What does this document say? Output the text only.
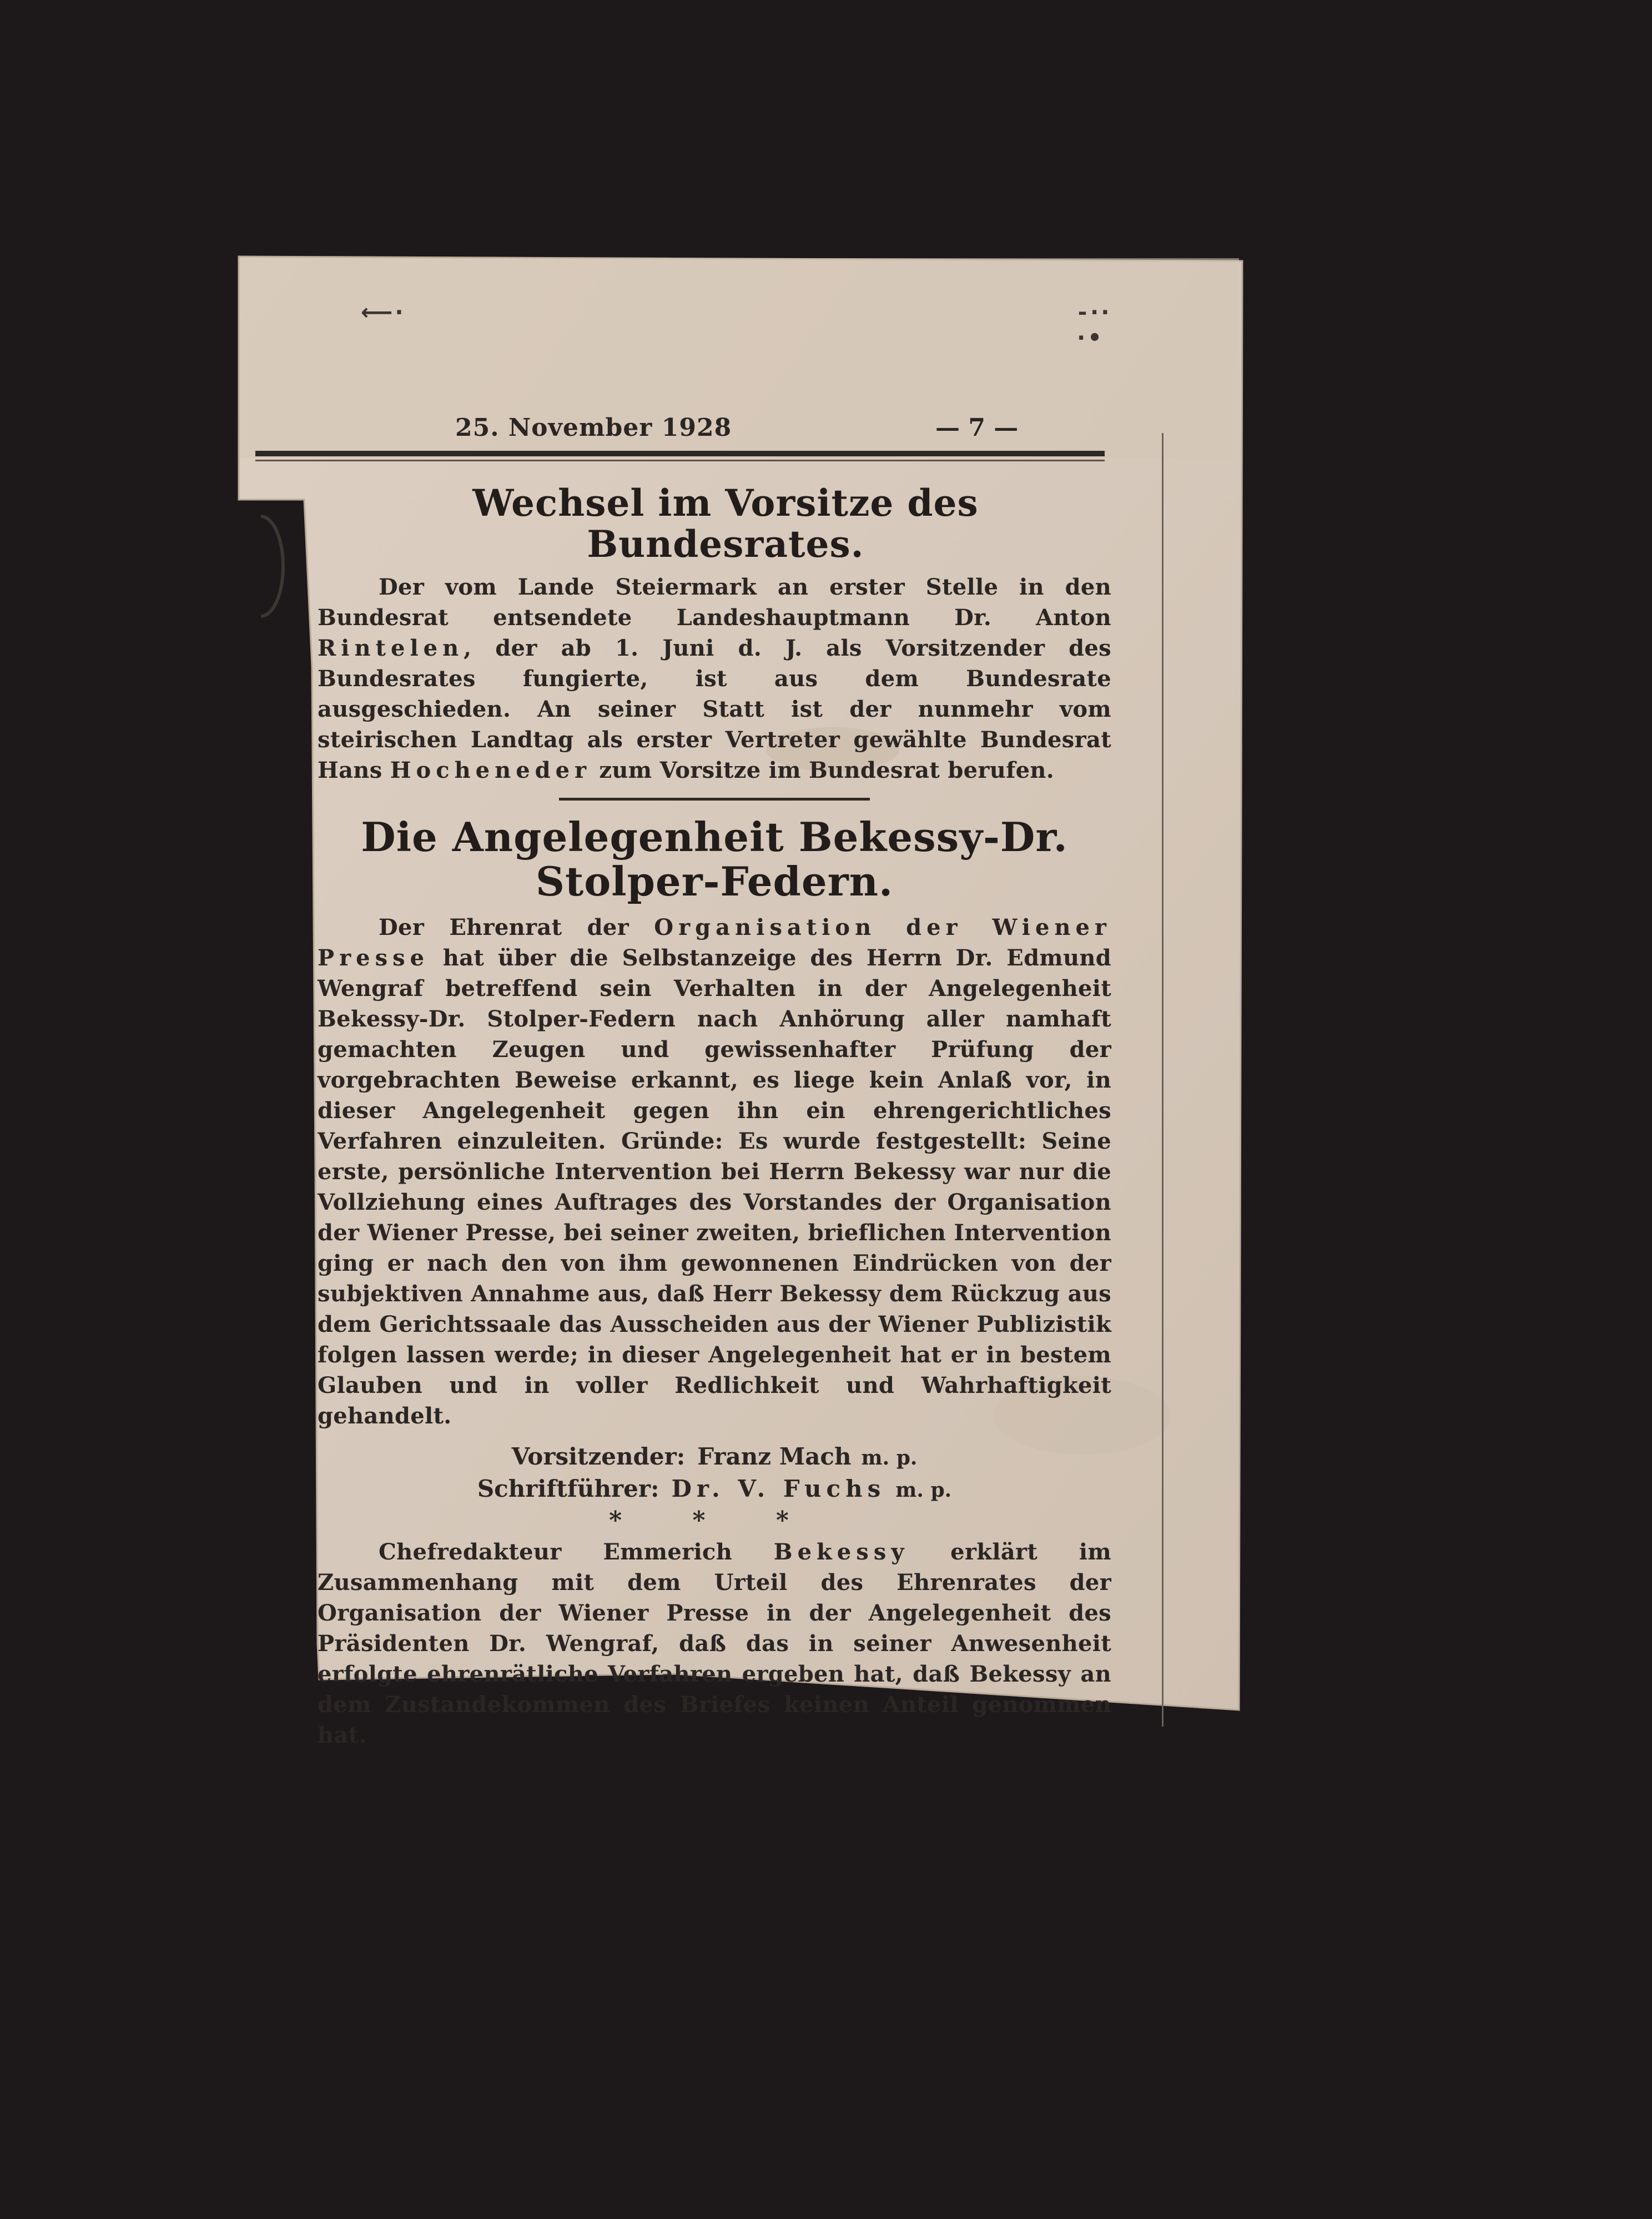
⟵·	⁃·· ·•
25. November 1928	— 7 —
Wechsel im Vorsitze des Bundesrates.

Der vom Lande Steiermark an erster Stelle in den Bundesrat entsendete Landeshauptmann Dr. Anton Rintelen, der ab 1. Juni d. J. als Vorsitzender des Bundesrates fungierte, ist aus dem Bundesrate ausgeschieden. An seiner Statt ist der nunmehr vom steirischen Landtag als erster Vertreter gewählte Bundesrat Hans Hocheneder zum Vorsitze im Bundesrat berufen.

Die Angelegenheit Bekessy-Dr. Stolper-Federn.

Der Ehrenrat der Organisation der Wiener Presse hat über die Selbstanzeige des Herrn Dr. Edmund Wengraf betreffend sein Verhalten in der Angelegenheit Bekessy-Dr. Stolper-Federn nach Anhörung aller namhaft gemachten Zeugen und gewissenhafter Prüfung der vorgebrachten Beweise erkannt, es liege kein Anlaß vor, in dieser Angelegenheit gegen ihn ein ehrengerichtliches Verfahren einzuleiten. Gründe: Es wurde festgestellt: Seine erste, persönliche Intervention bei Herrn Bekessy war nur die Vollziehung eines Auftrages des Vorstandes der Organisation der Wiener Presse, bei seiner zweiten, brieflichen Intervention ging er nach den von ihm gewonnenen Eindrücken von der subjektiven Annahme aus, daß Herr Bekessy dem Rückzug aus dem Gerichtssaale das Ausscheiden aus der Wiener Publizistik folgen lassen werde; in dieser Angelegenheit hat er in bestem Glauben und in voller Redlichkeit und Wahrhaftigkeit gehandelt.

Vorsitzender: Franz Mach m. p.

Schriftführer: Dr. V. Fuchs m. p.

* * *

Chefredakteur Emmerich Bekessy erklärt im Zusammenhang mit dem Urteil des Ehrenrates der Organisation der Wiener Presse in der Angelegenheit des Präsidenten Dr. Wengraf, daß das in seiner Anwesenheit erfolgte ehrenrätliche Verfahren ergeben hat, daß Bekessy an dem Zustandekommen des Briefes keinen Anteil genommen hat.
